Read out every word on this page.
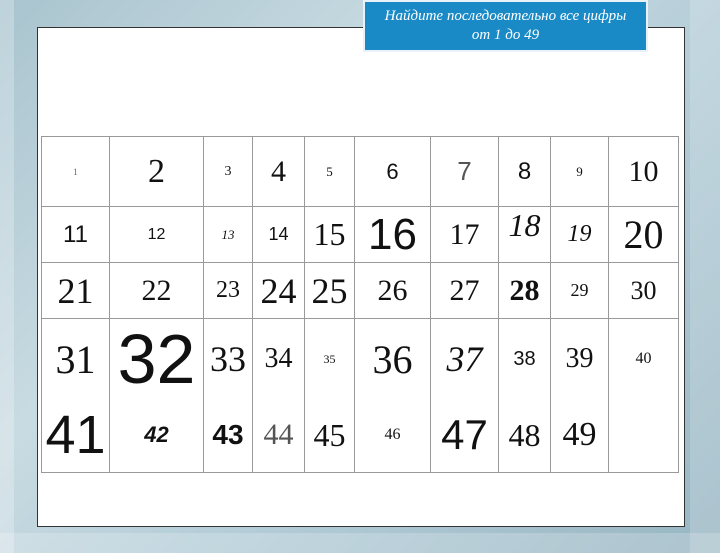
Найдите последовательно все цифры от 1 до 49
1	2	3	4	5	6	7	8	9	10
11	12	13	14	15	16	17	18	19	20
21	22	23	24	25	26	27	28	29	30
31	32	33	34	35	36	37	38	39	40
41	42	43	44	45	46	47	48	49	
